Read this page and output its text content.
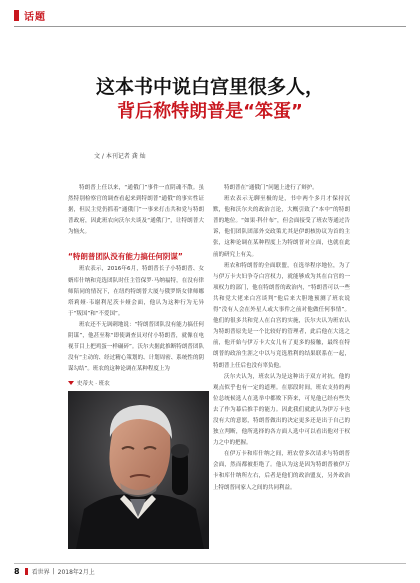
话题
这本书中说白宫里很多人，
背后称特朗普是“笨蛋”
文 / 本刊记者 龚 灿

特朗普上任以来，“通俄门”事件一直阴魂不散。虽然特别检察官的调查看起来到特朗普“通俄”的事实性证据，但民主党仍抓着“通俄门”一事来打击共和党与特朗普政府，因此班农向沃尔夫谈及“通俄门”，让特朗普大为恼火。

班农表示，2016年6月，特朗普长子小特朗普、女婿库什纳和竞选团队时任主管保罗·马纳福特，在没有律师陪同的情况下，在纽约特朗普大厦与俄罗斯女律师娜塔莉娅·韦谢利尼茨卡娅会面，他认为这种行为无异于“叛国”和“不爱国”。

班农还不无讽刺地说：“特朗普团队没有能力搞任何阴谋”，他甚至称“即使调查员对付小特朗普，就像在电视节目上把鸡蛋一样碾碎”。沃尔夫据此推断特朗普团队没有“主动的、经过精心策划的、计划周密、系统性的阴谋勾结”。班农的这种论调在某种程度上为

“特朗普团队没有能力搞任何阴谋”

特朗普在“通俄门”问题上进行了辩护。

班农表示无聊至极的是，书中两个多月才保持沉默，他和沃尔夫的政治言论，大概引致了“本中”的特朗普的地位。“如果·科什布”，但会面接受了班农等通过告诉，他们团队团部外交政策尤其是伊朗核协议为首的主张，这种论调在某种程度上为特朗普对立面，也就在此前的研究上有关。

班农和特朗普的全面联盟，在选举程序地位，为了与伊万卡夫妇争夺白宫权力，就能够成为其在白宫的一项权力的部门，他在特朗普的政治内，“特朗普可以一些共和党大佬来白宫谈判”他后来大胆地预测了班农说得“没有人会在外星人或大事件之前对他做任何事情”。他们的很多共和党人在白宫的实施，沃尔夫认为班农认为特朗普原先是一个比较好的管理者，此后他在大选之前，他开始与伊万卡大女儿有了更多的接触，最终在特朗普的政治生涯之中以与竞选胜利的结果联系在一起，特朗普上任后也没有辜负他。

沃尔夫认为，班农认为是这种出于双方对抗，他的观点似乎也有一定的道理。在那段时间，班农支持的两位总统候选人在选举中都败下阵来，可见他已经有些失去了作为幕后推手的能力。因此我们就此认为伊万卡也没有大的意愿，特朗普做出的决定更多还是出于自己的独立判断，他所选择的各方面人选中可以看出他对于权力之中的把握。

在伊万卡和库什纳之间，班农曾多次请求与特朗普会面，然而都被拒绝了。他认为这是因为特朗普被伊万卡和库什纳所左右，后者是他们的政治盟友，另外政治上特朗普同家人之间的共同利益。

史蒂夫 · 班农
8 看世界 | 2018年2月上
